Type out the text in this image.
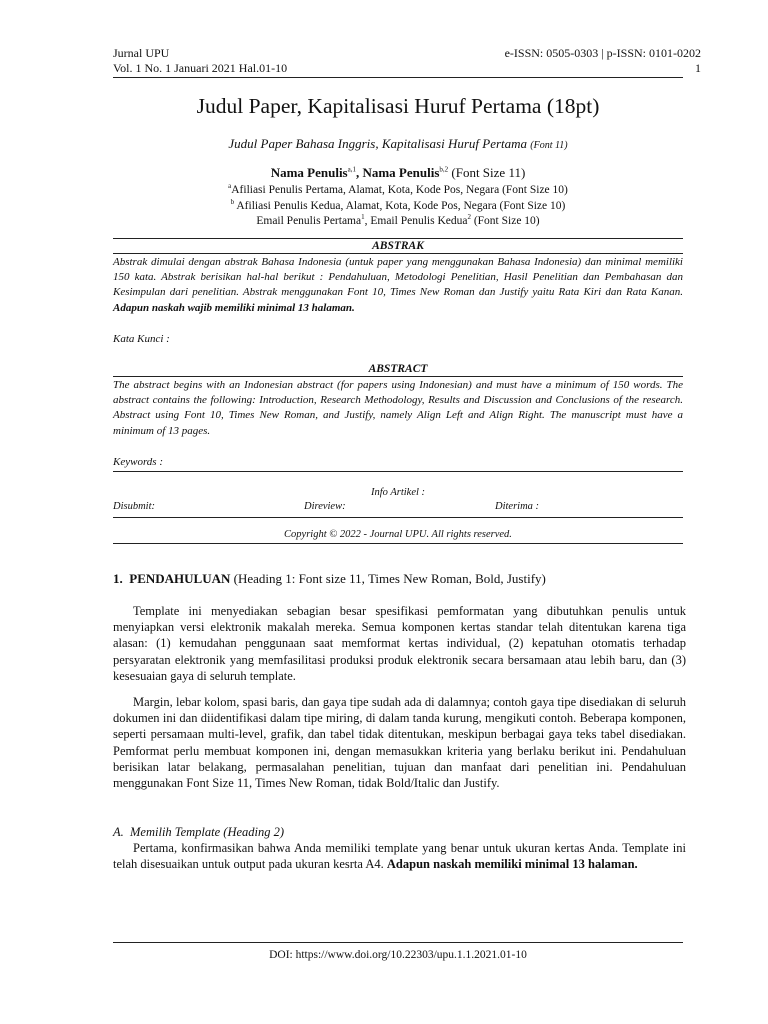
Jurnal UPU
Vol. 1 No. 1 Januari 2021 Hal.01-10
e-ISSN: 0505-0303 | p-ISSN: 0101-0202
1
Judul Paper, Kapitalisasi Huruf Pertama (18pt)
Judul Paper Bahasa Inggris, Kapitalisasi Huruf Pertama (Font 11)
Nama Penulis$^{a,1}$, Nama Penulis$^{b,2}$ (Font Size 11)
$^a$Afiliasi Penulis Pertama, Alamat, Kota, Kode Pos, Negara (Font Size 10)
$^b$ Afiliasi Penulis Kedua, Alamat, Kota, Kode Pos, Negara (Font Size 10)
Email Penulis Pertama$^1$, Email Penulis Kedua$^2$ (Font Size 10)
ABSTRAK

Abstrak dimulai dengan abstrak Bahasa Indonesia (untuk paper yang menggunakan Bahasa Indonesia) dan minimal memiliki 150 kata. Abstrak berisikan hal-hal berikut : Pendahuluan, Metodologi Penelitian, Hasil Penelitian dan Pembahasan dan Kesimpulan dari penelitian. Abstrak menggunakan Font 10, Times New Roman dan Justify yaitu Rata Kiri dan Rata Kanan. Adapun naskah wajib memiliki minimal 13 halaman.

Kata Kunci :
ABSTRACT

The abstract begins with an Indonesian abstract (for papers using Indonesian) and must have a minimum of 150 words. The abstract contains the following: Introduction, Research Methodology, Results and Discussion and Conclusions of the research. Abstract using Font 10, Times New Roman, and Justify, namely Align Left and Align Right. The manuscript must have a minimum of 13 pages.

Keywords :
Info Artikel :
Disubmit:	Direview:	Diterima :
Copyright © 2022 - Journal UPU. All rights reserved.
1. PENDAHULUAN (Heading 1: Font size 11, Times New Roman, Bold, Justify)

Template ini menyediakan sebagian besar spesifikasi pemformatan yang dibutuhkan penulis untuk menyiapkan versi elektronik makalah mereka. Semua komponen kertas standar telah ditentukan karena tiga alasan: (1) kemudahan penggunaan saat memformat kertas individual, (2) kepatuhan otomatis terhadap persyaratan elektronik yang memfasilitasi produksi produk elektronik secara bersamaan atau lebih baru, dan (3) kesesuaian gaya di seluruh template.

Margin, lebar kolom, spasi baris, dan gaya tipe sudah ada di dalamnya; contoh gaya tipe disediakan di seluruh dokumen ini dan diidentifikasi dalam tipe miring, di dalam tanda kurung, mengikuti contoh. Beberapa komponen, seperti persamaan multi-level, grafik, dan tabel tidak ditentukan, meskipun berbagai gaya teks tabel disediakan. Pemformat perlu membuat komponen ini, dengan memasukkan kriteria yang berlaku berikut ini. Pendahuluan berisikan latar belakang, permasalahan penelitian, tujuan dan manfaat dari penelitian ini. Pendahuluan menggunakan Font Size 11, Times New Roman, tidak Bold/Italic dan Justify.

A. Memilih Template (Heading 2)

Pertama, konfirmasikan bahwa Anda memiliki template yang benar untuk ukuran kertas Anda. Template ini telah disesuaikan untuk output pada ukuran kesrta A4. Adapun naskah memiliki minimal 13 halaman.

DOI: https://www.doi.org/10.22303/upu.1.1.2021.01-10
